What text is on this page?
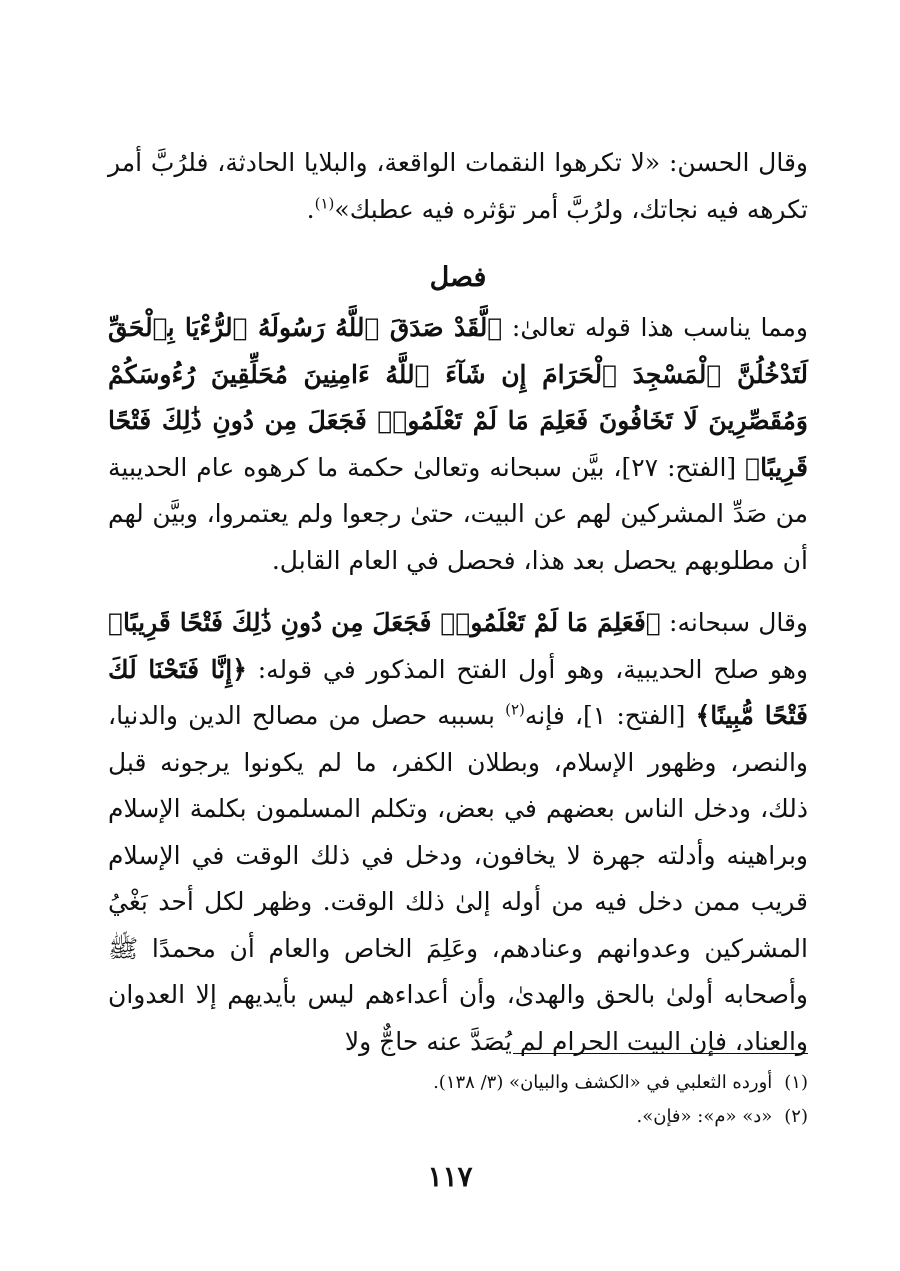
وقال الحسن: «لا تكرهوا النقمات الواقعة، والبلايا الحادثة، فلرُبَّ أمر تكرهه فيه نجاتك، ولرُبَّ أمر تؤثره فيه عطبك»$^{(١)}$.

فصل

ومما يناسب هذا قوله تعالىٰ: ﴿لَّقَدْ صَدَقَ ٱللَّهُ رَسُولَهُ ٱلرُّءْيَا بِٱلْحَقِّ لَتَدْخُلُنَّ ٱلْمَسْجِدَ ٱلْحَرَامَ إِن شَآءَ ٱللَّهُ ءَامِنِينَ مُحَلِّقِينَ رُءُوسَكُمْ وَمُقَصِّرِينَ لَا تَخَافُونَ فَعَلِمَ مَا لَمْ تَعْلَمُوا۟ فَجَعَلَ مِن دُونِ ذَٰلِكَ فَتْحًا قَرِيبًا﴾ [الفتح: ٢٧]، بيَّن سبحانه وتعالىٰ حكمة ما كرهوه عام الحديبية من صَدِّ المشركين لهم عن البيت، حتىٰ رجعوا ولم يعتمروا، وبيَّن لهم أن مطلوبهم يحصل بعد هذا، فحصل في العام القابل.

وقال سبحانه: ﴿فَعَلِمَ مَا لَمْ تَعْلَمُوا۟ فَجَعَلَ مِن دُونِ ذَٰلِكَ فَتْحًا قَرِيبًا﴾ وهو صلح الحديبية، وهو أول الفتح المذكور في قوله: ﴿إِنَّا فَتَحْنَا لَكَ فَتْحًا مُّبِينًا﴾ [الفتح: ١]، فإنه$^{(٢)}$ بسببه حصل من مصالح الدين والدنيا، والنصر، وظهور الإسلام، وبطلان الكفر، ما لم يكونوا يرجونه قبل ذلك، ودخل الناس بعضهم في بعض، وتكلم المسلمون بكلمة الإسلام وبراهينه وأدلته جهرة لا يخافون، ودخل في ذلك الوقت في الإسلام قريب ممن دخل فيه من أوله إلىٰ ذلك الوقت. وظهر لكل أحد بَغْيُ المشركين وعدوانهم وعنادهم، وعَلِمَ الخاص والعام أن محمدًا ﷺ وأصحابه أولىٰ بالحق والهدىٰ، وأن أعداءهم ليس بأيديهم إلا العدوان والعناد، فإن البيت الحرام لم يُصَدَّ عنه حاجٌّ ولا

(١)أورده الثعلبي في «الكشف والبيان» (٣/ ١٣٨).
(٢)«د» «م»: «فإن».
١١٧
